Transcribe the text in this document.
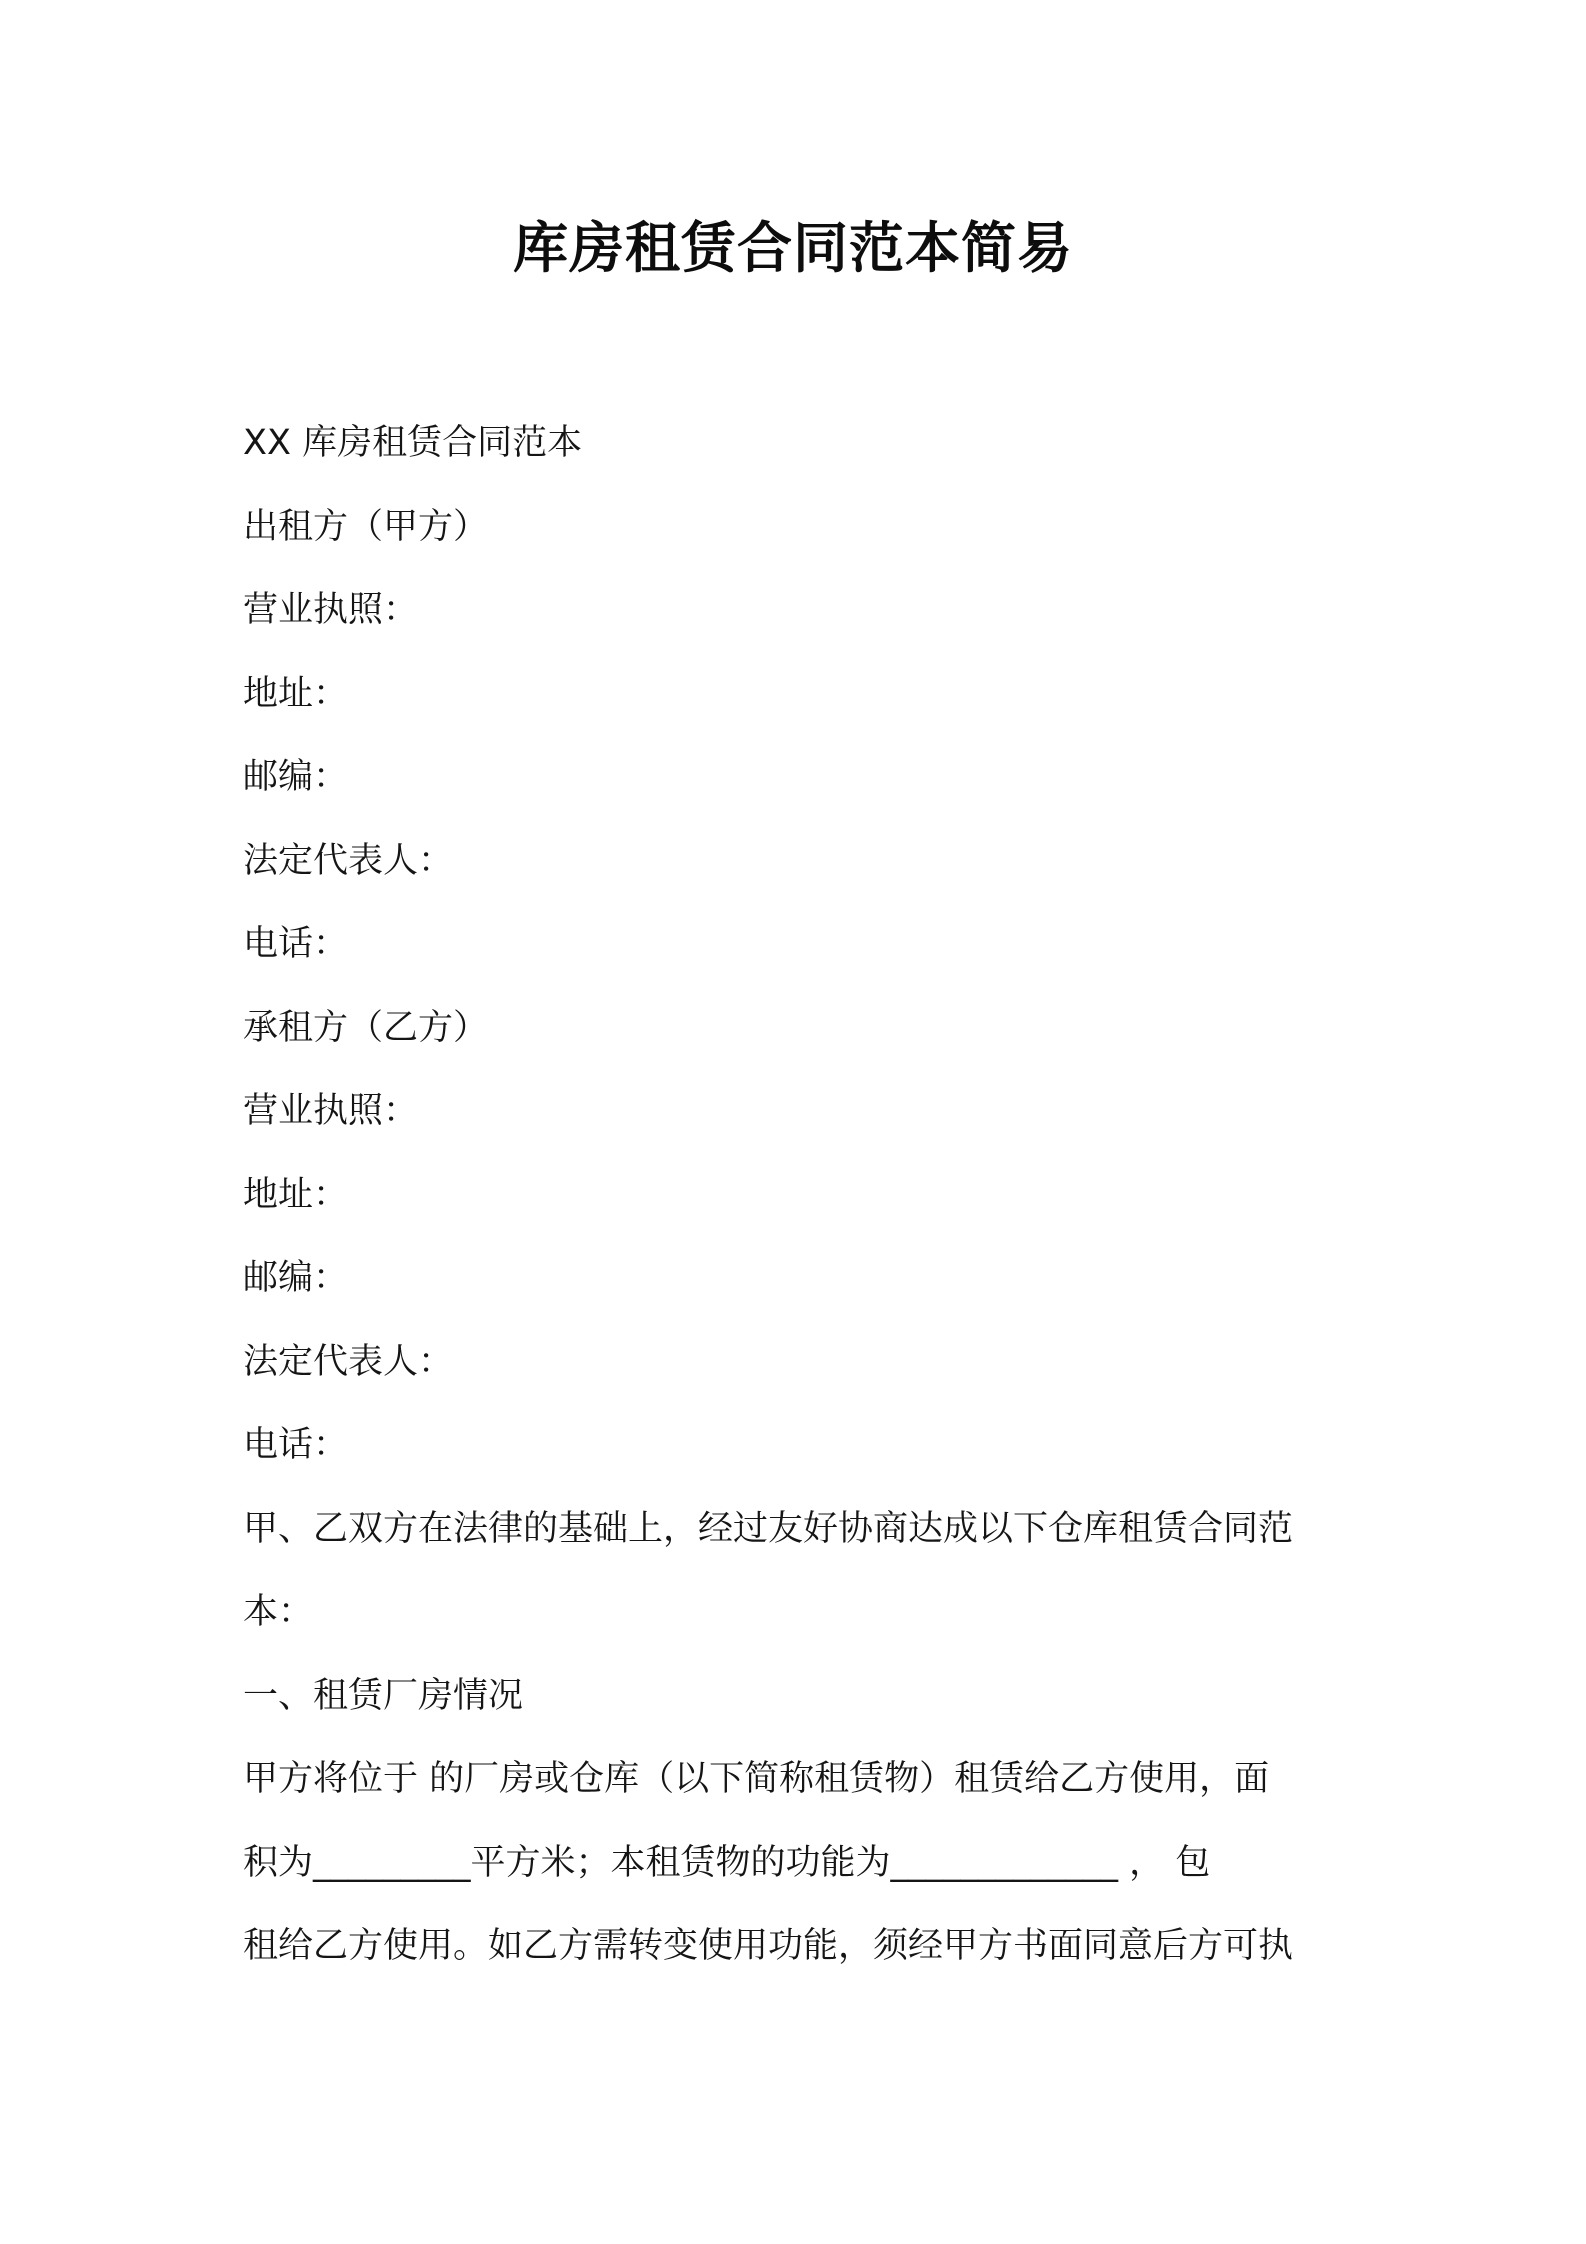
库房租赁合同范本简易
XX 库房租赁合同范本
出租方（甲方）
营业执照：
地址：
邮编：
法定代表人：
电话：
承租方（乙方）
营业执照：
地址：
邮编：
法定代表人：
电话：
甲、乙双方在法律的基础上，经过友好协商达成以下仓库租赁合同范
本：
一、租赁厂房情况
甲方将位于 的厂房或仓库（以下简称租赁物）租赁给乙方使用，面
积为_________平方米；本租赁物的功能为_____________ ， 包
租给乙方使用。如乙方需转变使用功能，须经甲方书面同意后方可执
